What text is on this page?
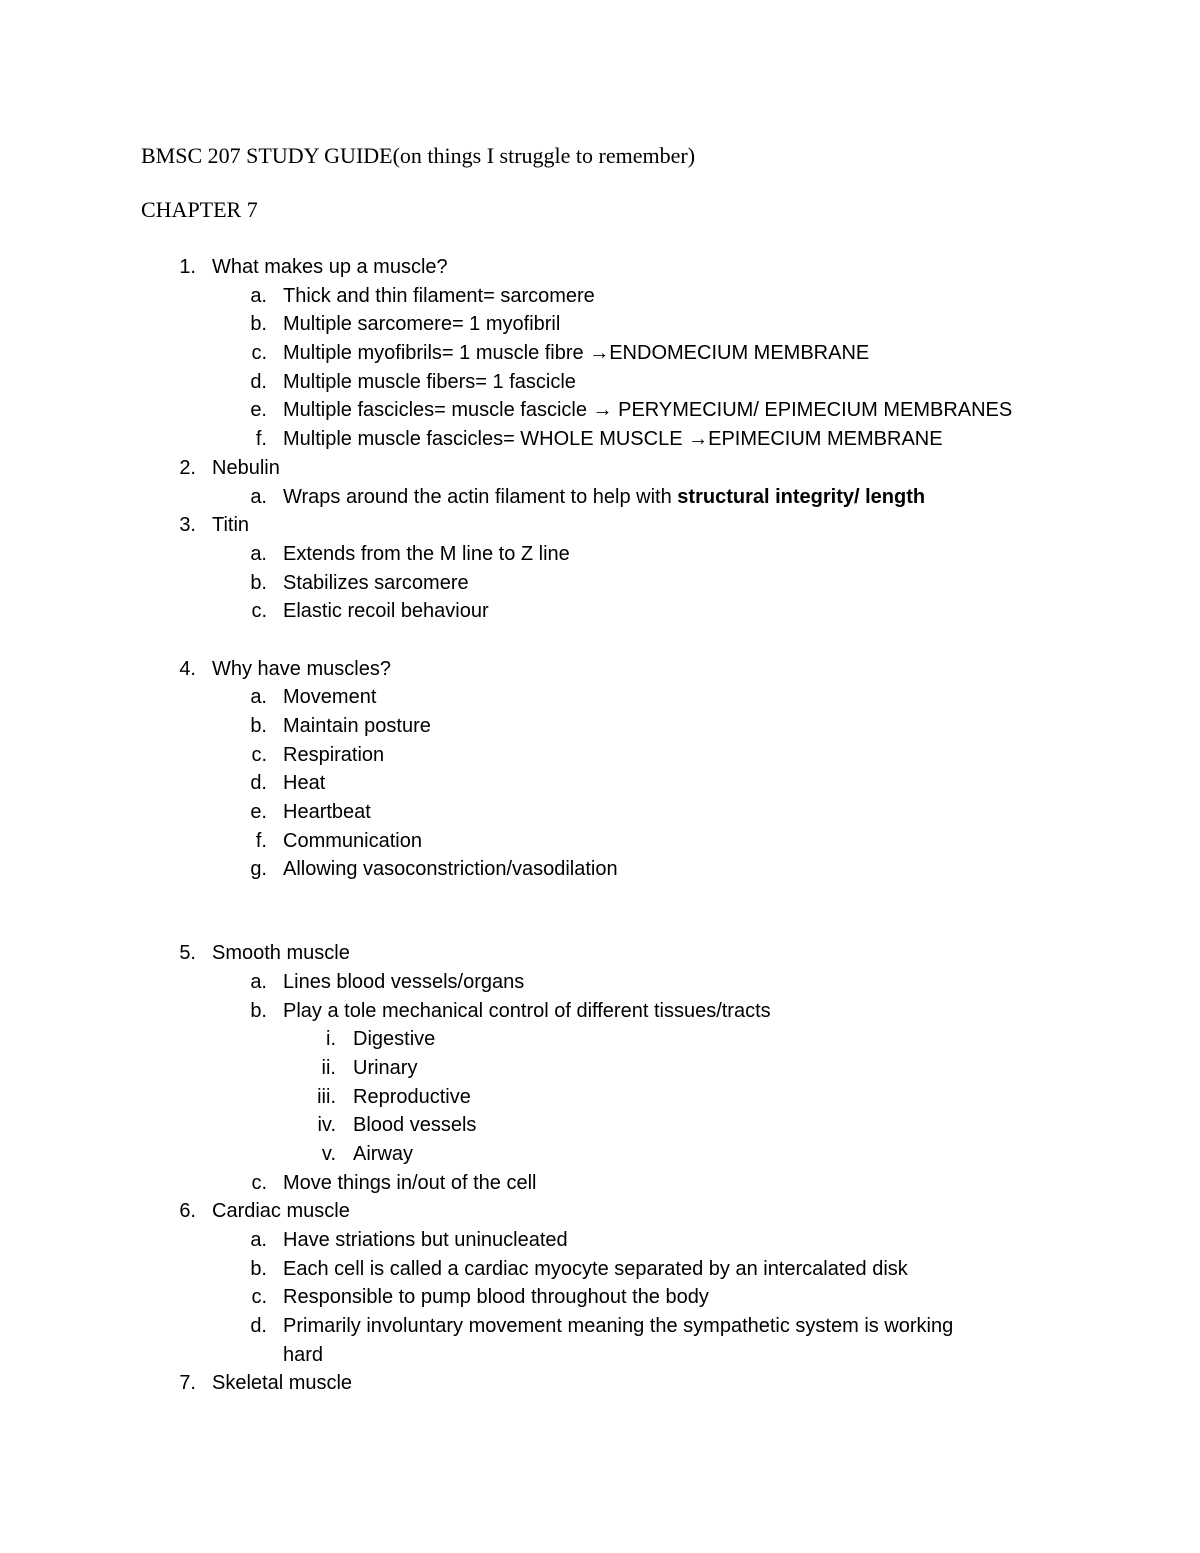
BMSC 207 STUDY GUIDE(on things I struggle to remember)
CHAPTER 7
1. What makes up a muscle?
a. Thick and thin filament= sarcomere
b. Multiple sarcomere= 1 myofibril
c. Multiple myofibrils= 1 muscle fibre →ENDOMECIUM MEMBRANE
d. Multiple muscle fibers= 1 fascicle
e. Multiple fascicles= muscle fascicle → PERYMECIUM/ EPIMECIUM MEMBRANES
f. Multiple muscle fascicles= WHOLE MUSCLE →EPIMECIUM MEMBRANE
2. Nebulin
a. Wraps around the actin filament to help with structural integrity/ length
3. Titin
a. Extends from the M line to Z line
b. Stabilizes sarcomere
c. Elastic recoil behaviour
4. Why have muscles?
a. Movement
b. Maintain posture
c. Respiration
d. Heat
e. Heartbeat
f. Communication
g. Allowing vasoconstriction/vasodilation
5. Smooth muscle
a. Lines blood vessels/organs
b. Play a tole mechanical control of different tissues/tracts
i. Digestive
ii. Urinary
iii. Reproductive
iv. Blood vessels
v. Airway
c. Move things in/out of the cell
6. Cardiac muscle
a. Have striations but uninucleated
b. Each cell is called a cardiac myocyte separated by an intercalated disk
c. Responsible to pump blood throughout the body
d. Primarily involuntary movement meaning the sympathetic system is working
hard
7. Skeletal muscle
